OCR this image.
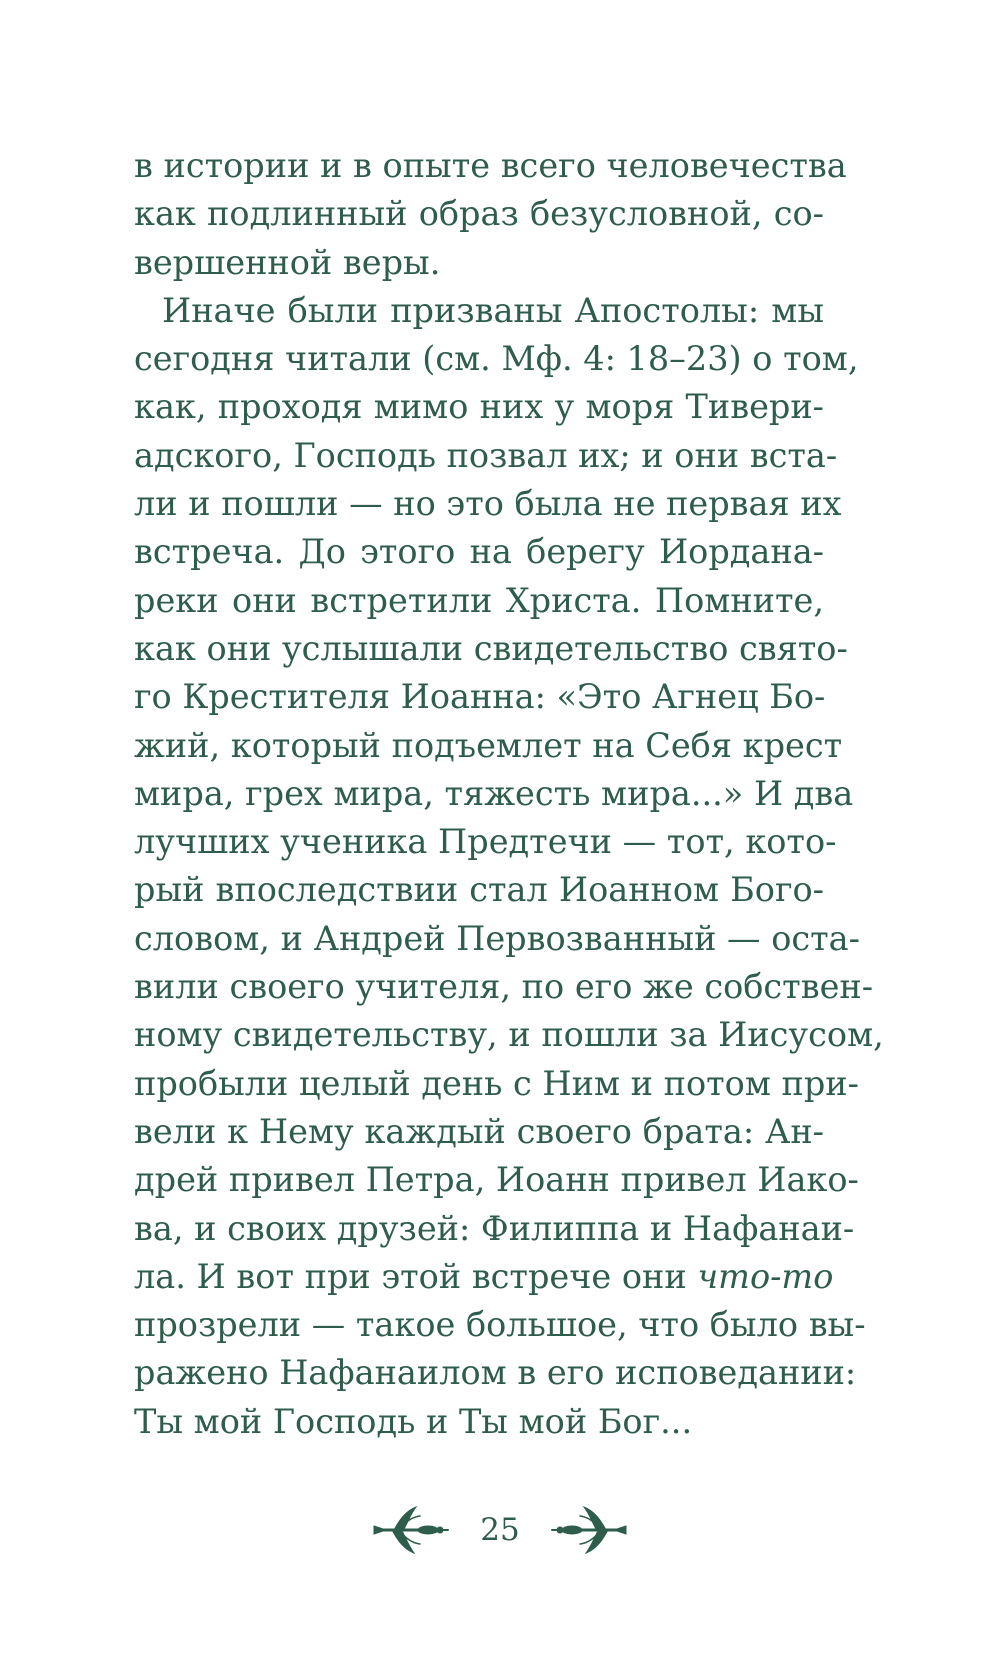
в истории и в опыте всего человечества
как подлинный образ безусловной, со-
вершенной веры.
Иначе были призваны Апостолы: мы
сегодня читали (см. Мф. 4: 18–23) о том,
как, проходя мимо них у моря Тивери-
адского, Господь позвал их; и они вста-
ли и пошли — но это была не первая их
встреча. До этого на берегу Иордана-
реки они встретили Христа. Помните,
как они услышали свидетельство свято-
го Крестителя Иоанна: «Это Агнец Бо-
жий, который подъемлет на Себя крест
мира, грех мира, тяжесть мира...» И два
лучших ученика Предтечи — тот, кото-
рый впоследствии стал Иоанном Бого-
словом, и Андрей Первозванный — оста-
вили своего учителя, по его же собствен-
ному свидетельству, и пошли за Иисусом,
пробыли целый день с Ним и потом при-
вели к Нему каждый своего брата: Ан-
дрей привел Петра, Иоанн привел Иако-
ва, и своих друзей: Филиппа и Нафанаи-
ла. И вот при этой встрече они что-то
прозрели — такое большое, что было вы-
ражено Нафанаилом в его исповедании:
Ты мой Господь и Ты мой Бог...
25
